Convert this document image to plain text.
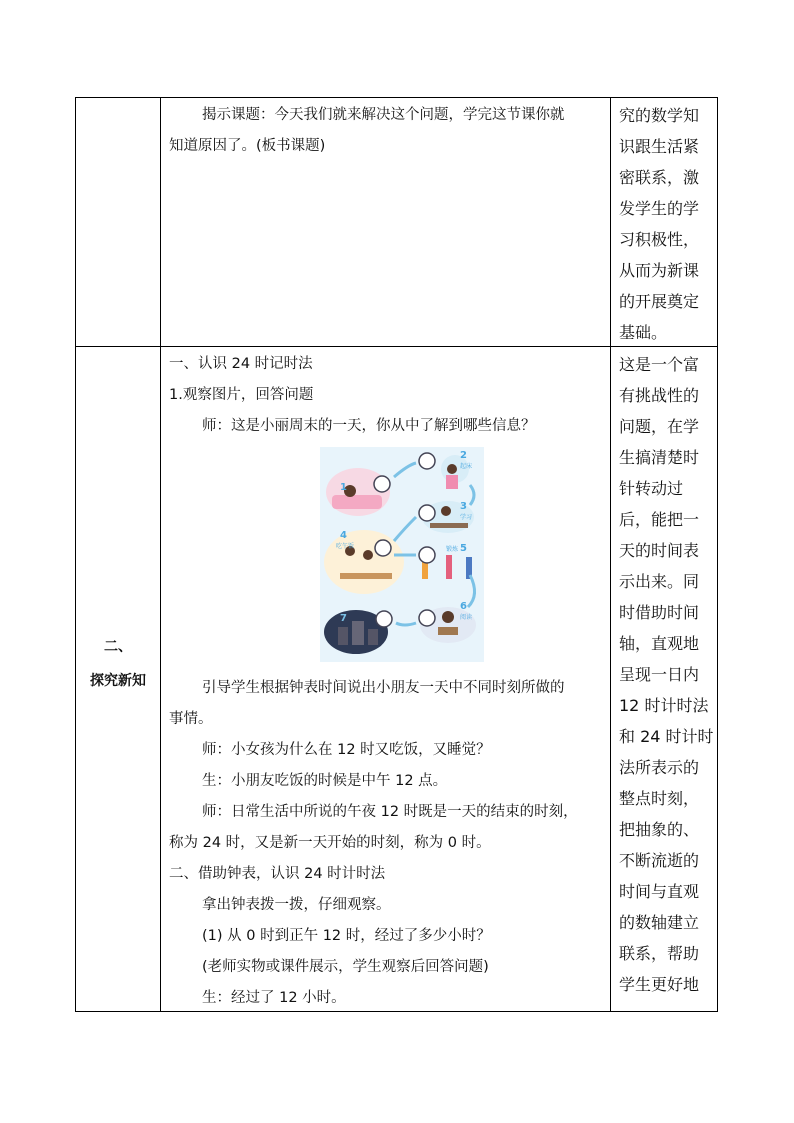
揭示课题：今天我们就来解决这个问题，学完这节课你就
知道原因了。(板书课题)
究的数学知
识跟生活紧
密联系，激
发学生的学
习积极性，
从而为新课
的开展奠定
基础。
二、
探究新知
一、认识 24 时记时法
1.观察图片，回答问题
师：这是小丽周末的一天，你从中了解到哪些信息？
1
2
起床
3
学习
4
吃午饭	5
锻炼
6
阅读
7
引导学生根据钟表时间说出小朋友一天中不同时刻所做的
事情。
师：小女孩为什么在 12 时又吃饭，又睡觉？
生：小朋友吃饭的时候是中午 12 点。
师：日常生活中所说的午夜 12 时既是一天的结束的时刻，
称为 24 时，又是新一天开始的时刻，称为 0 时。
二、借助钟表，认识 24 时计时法
拿出钟表拨一拨，仔细观察。
(1) 从 0 时到正午 12 时，经过了多少小时？
(老师实物或课件展示，学生观察后回答问题)
生：经过了 12 小时。
这是一个富
有挑战性的
问题，在学
生搞清楚时
针转动过
后，能把一
天的时间表
示出来。同
时借助时间
轴，直观地
呈现一日内
12 时计时法
和 24 时计时
法所表示的
整点时刻，
把抽象的、
不断流逝的
时间与直观
的数轴建立
联系，帮助
学生更好地
